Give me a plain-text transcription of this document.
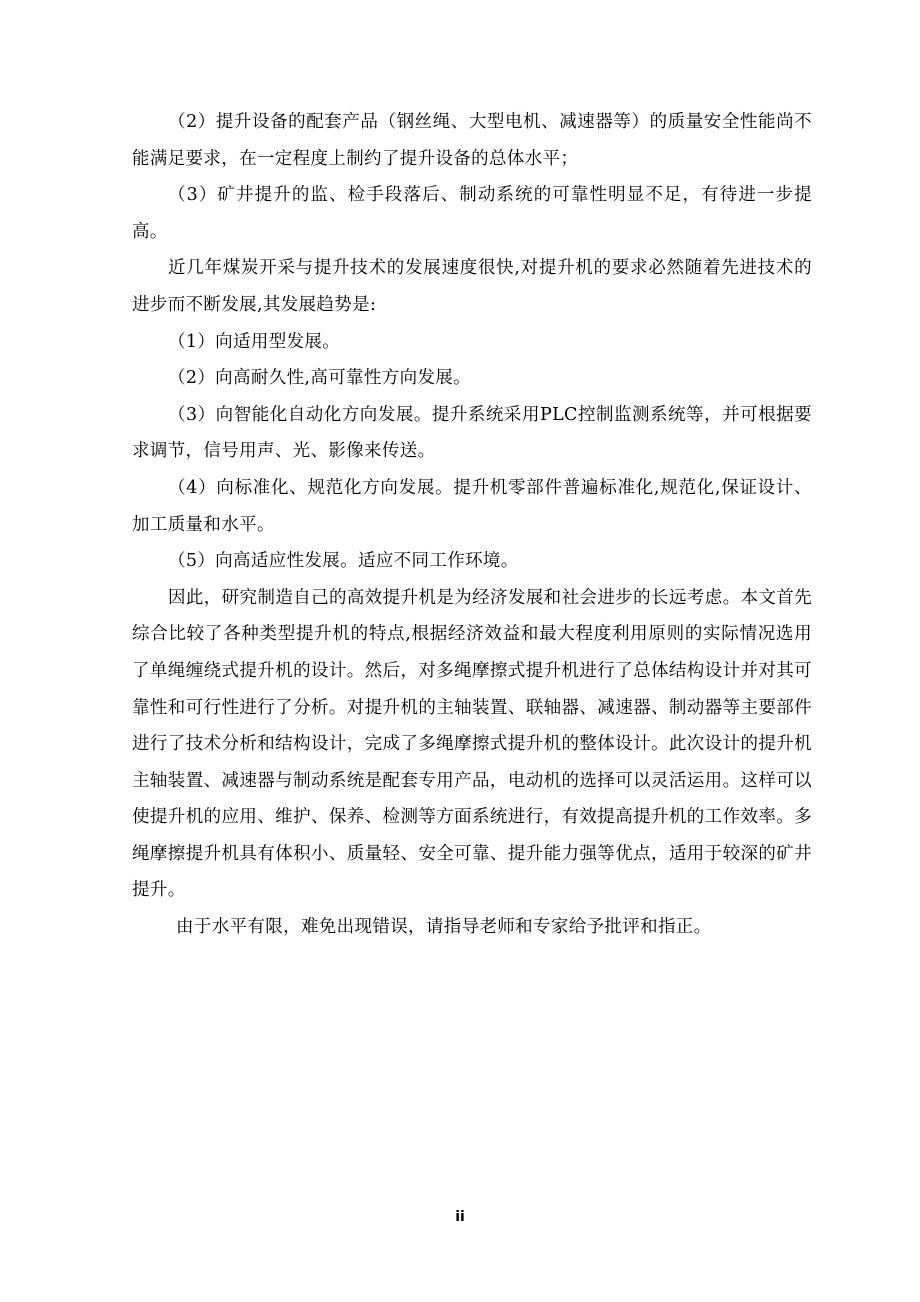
（2）提升设备的配套产品（钢丝绳、大型电机、减速器等）的质量安全性能尚不能满足要求，在一定程度上制约了提升设备的总体水平；

（3）矿井提升的监、检手段落后、制动系统的可靠性明显不足，有待进一步提高。

近几年煤炭开采与提升技术的发展速度很快,对提升机的要求必然随着先进技术的进步而不断发展,其发展趋势是:

（1）向适用型发展。

（2）向高耐久性,高可靠性方向发展。

（3）向智能化自动化方向发展。提升系统采用PLC控制监测系统等，并可根据要求调节，信号用声、光、影像来传送。

（4）向标准化、规范化方向发展。提升机零部件普遍标准化,规范化,保证设计、加工质量和水平。

（5）向高适应性发展。适应不同工作环境。

因此，研究制造自己的高效提升机是为经济发展和社会进步的长远考虑。本文首先综合比较了各种类型提升机的特点,根据经济效益和最大程度利用原则的实际情况选用了单绳缠绕式提升机的设计。然后，对多绳摩擦式提升机进行了总体结构设计并对其可靠性和可行性进行了分析。对提升机的主轴装置、联轴器、减速器、制动器等主要部件进行了技术分析和结构设计，完成了多绳摩擦式提升机的整体设计。此次设计的提升机主轴装置、减速器与制动系统是配套专用产品，电动机的选择可以灵活运用。这样可以使提升机的应用、维护、保养、检测等方面系统进行，有效提高提升机的工作效率。多绳摩擦提升机具有体积小、质量轻、安全可靠、提升能力强等优点，适用于较深的矿井提升。

由于水平有限，难免出现错误，请指导老师和专家给予批评和指正。

ii
